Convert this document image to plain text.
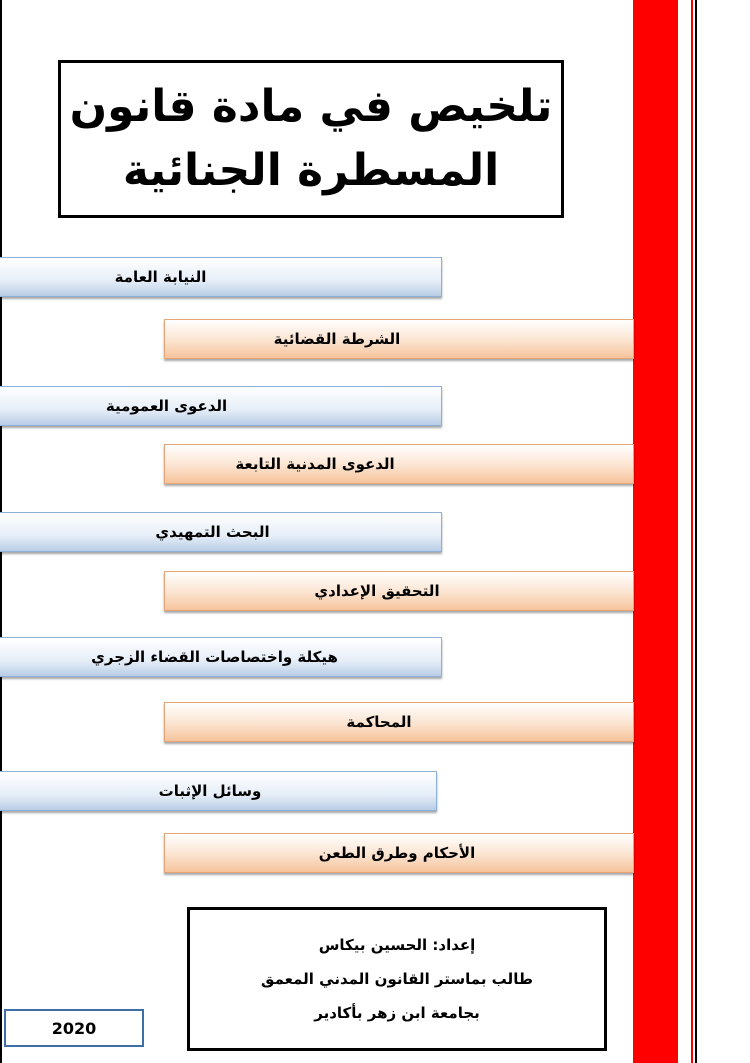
تلخيص في مادة قانون
المسطرة الجنائية
النيابة العامة
الشرطة القضائية
الدعوى العمومية
الدعوى المدنية التابعة
البحث التمهيدي
التحقيق الإعدادي
هيكلة واختصاصات القضاء الزجري
المحاكمة
وسائل الإثبات
الأحكام وطرق الطعن
إعداد: الحسين بيكاس
طالب بماستر القانون المدني المعمق
بجامعة ابن زهر بأكادير
2020
